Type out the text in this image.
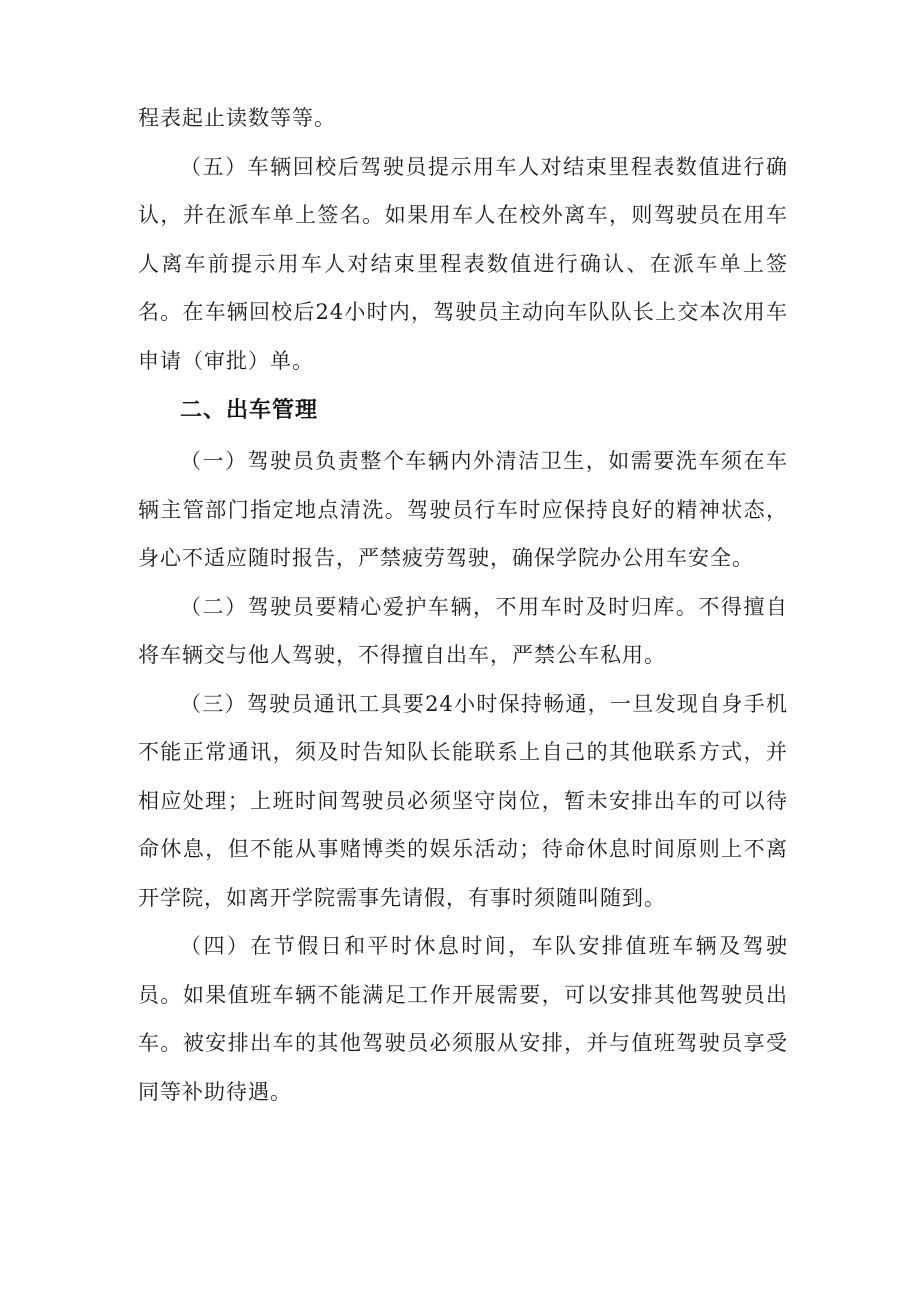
程表起止读数等等。

（五）车辆回校后驾驶员提示用车人对结束里程表数值进行确认，并在派车单上签名。如果用车人在校外离车，则驾驶员在用车人离车前提示用车人对结束里程表数值进行确认、在派车单上签名。在车辆回校后24小时内，驾驶员主动向车队队长上交本次用车申请（审批）单。

二、出车管理

（一）驾驶员负责整个车辆内外清洁卫生，如需要洗车须在车辆主管部门指定地点清洗。驾驶员行车时应保持良好的精神状态，身心不适应随时报告，严禁疲劳驾驶，确保学院办公用车安全。

（二）驾驶员要精心爱护车辆，不用车时及时归库。不得擅自将车辆交与他人驾驶，不得擅自出车，严禁公车私用。

（三）驾驶员通讯工具要24小时保持畅通，一旦发现自身手机不能正常通讯，须及时告知队长能联系上自己的其他联系方式，并相应处理；上班时间驾驶员必须坚守岗位，暂未安排出车的可以待命休息，但不能从事赌博类的娱乐活动；待命休息时间原则上不离开学院，如离开学院需事先请假，有事时须随叫随到。

（四）在节假日和平时休息时间，车队安排值班车辆及驾驶员。如果值班车辆不能满足工作开展需要，可以安排其他驾驶员出车。被安排出车的其他驾驶员必须服从安排，并与值班驾驶员享受同等补助待遇。
